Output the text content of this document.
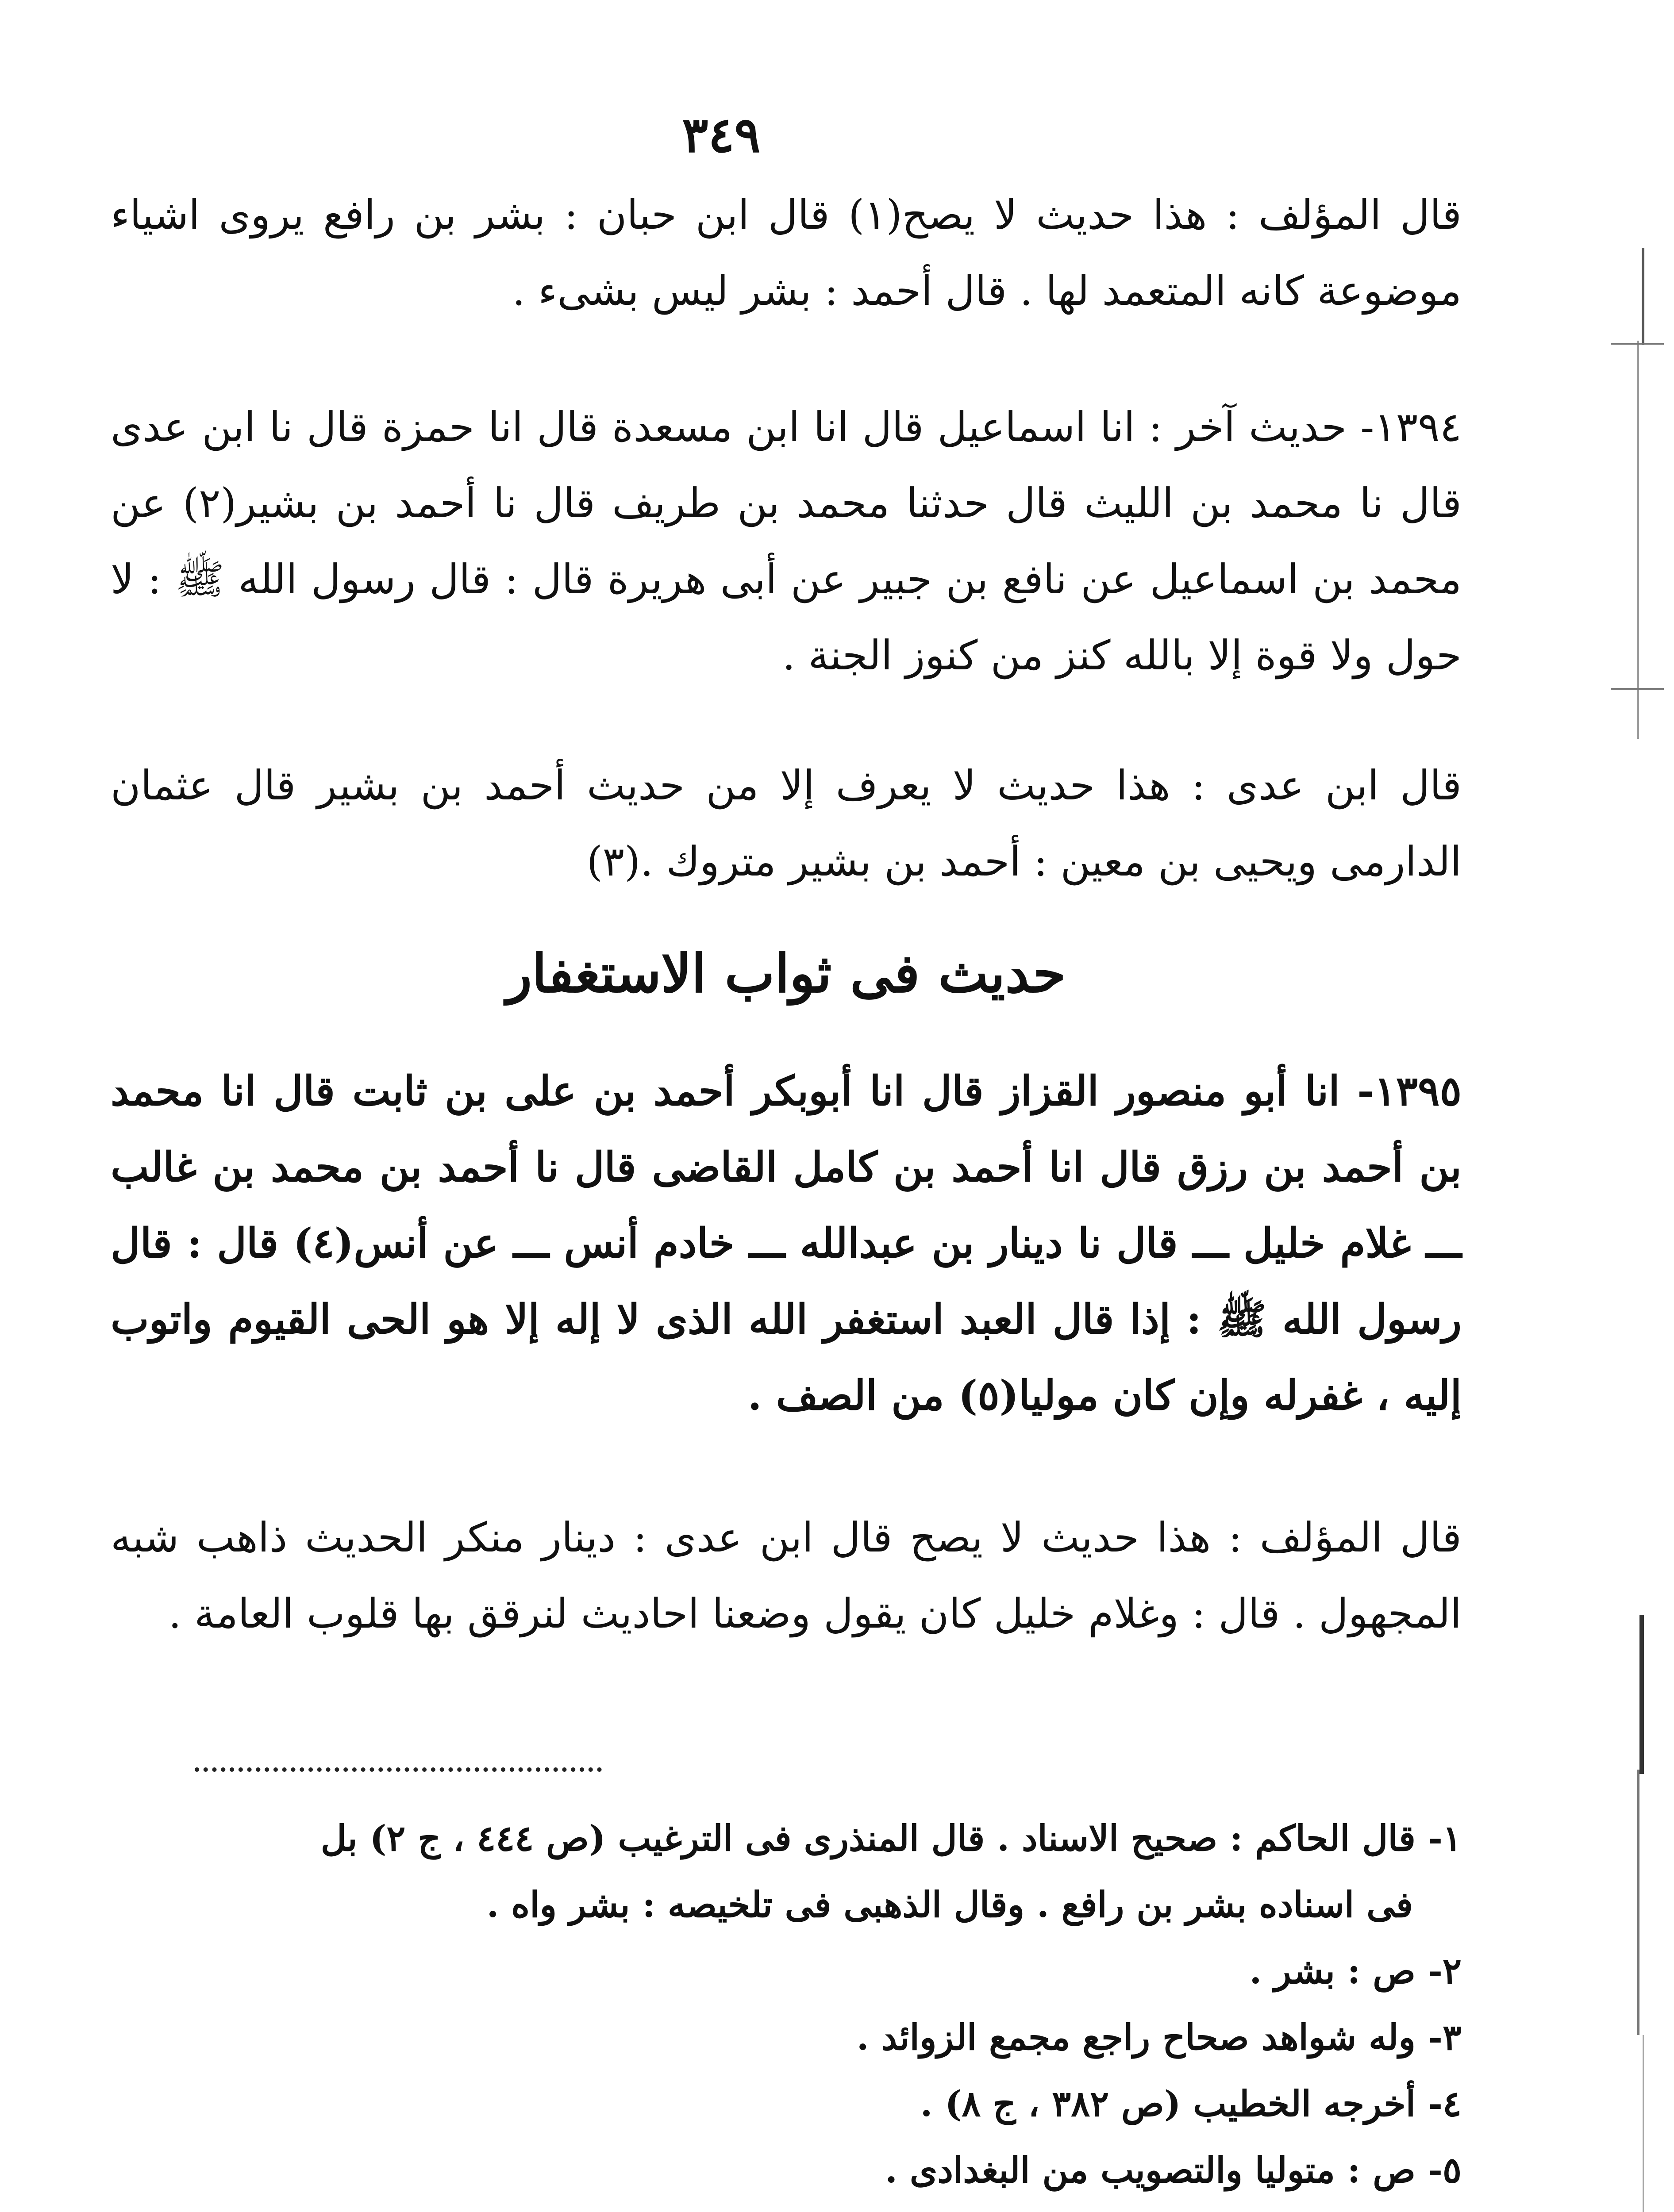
٣٤٩

قال المؤلف : هذا حديث لا يصح(١) قال ابن حبان : بشر بن رافع يروى اشياء موضوعة كانه المتعمد لها . قال أحمد : بشر ليس بشىء .

١٣٩٤- حديث آخر : انا اسماعيل قال انا ابن مسعدة قال انا حمزة قال نا ابن عدى قال نا محمد بن الليث قال حدثنا محمد بن طريف قال نا أحمد بن بشير(٢) عن محمد بن اسماعيل عن نافع بن جبير عن أبى هريرة قال : قال رسول الله ﷺ : لا حول ولا قوة إلا بالله كنز من كنوز الجنة .

قال ابن عدى : هذا حديث لا يعرف إلا من حديث أحمد بن بشير قال عثمان الدارمى ويحيى بن معين : أحمد بن بشير متروك .(٣)

حديث فى ثواب الاستغفار

١٣٩٥- انا أبو منصور القزاز قال انا أبوبكر أحمد بن على بن ثابت قال انا محمد بن أحمد بن رزق قال انا أحمد بن كامل القاضى قال نا أحمد بن محمد بن غالب ـــ غلام خليل ـــ قال نا دينار بن عبدالله ـــ خادم أنس ـــ عن أنس(٤) قال : قال رسول الله ﷺ : إذا قال العبد استغفر الله الذى لا إله إلا هو الحى القيوم واتوب إليه ، غفرله وإن كان موليا(٥) من الصف .

قال المؤلف : هذا حديث لا يصح قال ابن عدى : دينار منكر الحديث ذاهب شبه المجهول . قال : وغلام خليل كان يقول وضعنا احاديث لنرقق بها قلوب العامة .

١- قال الحاكم : صحيح الاسناد . قال المنذرى فى الترغيب (ص ٤٤٤ ، ج ٢) بل

فى اسناده بشر بن رافع . وقال الذهبى فى تلخيصه : بشر واه .

٢- ص : بشر .

٣- وله شواهد صحاح راجع مجمع الزوائد .

٤- أخرجه الخطيب (ص ٣٨٢ ، ج ٨) .

٥- ص : متوليا والتصويب من البغدادى .
